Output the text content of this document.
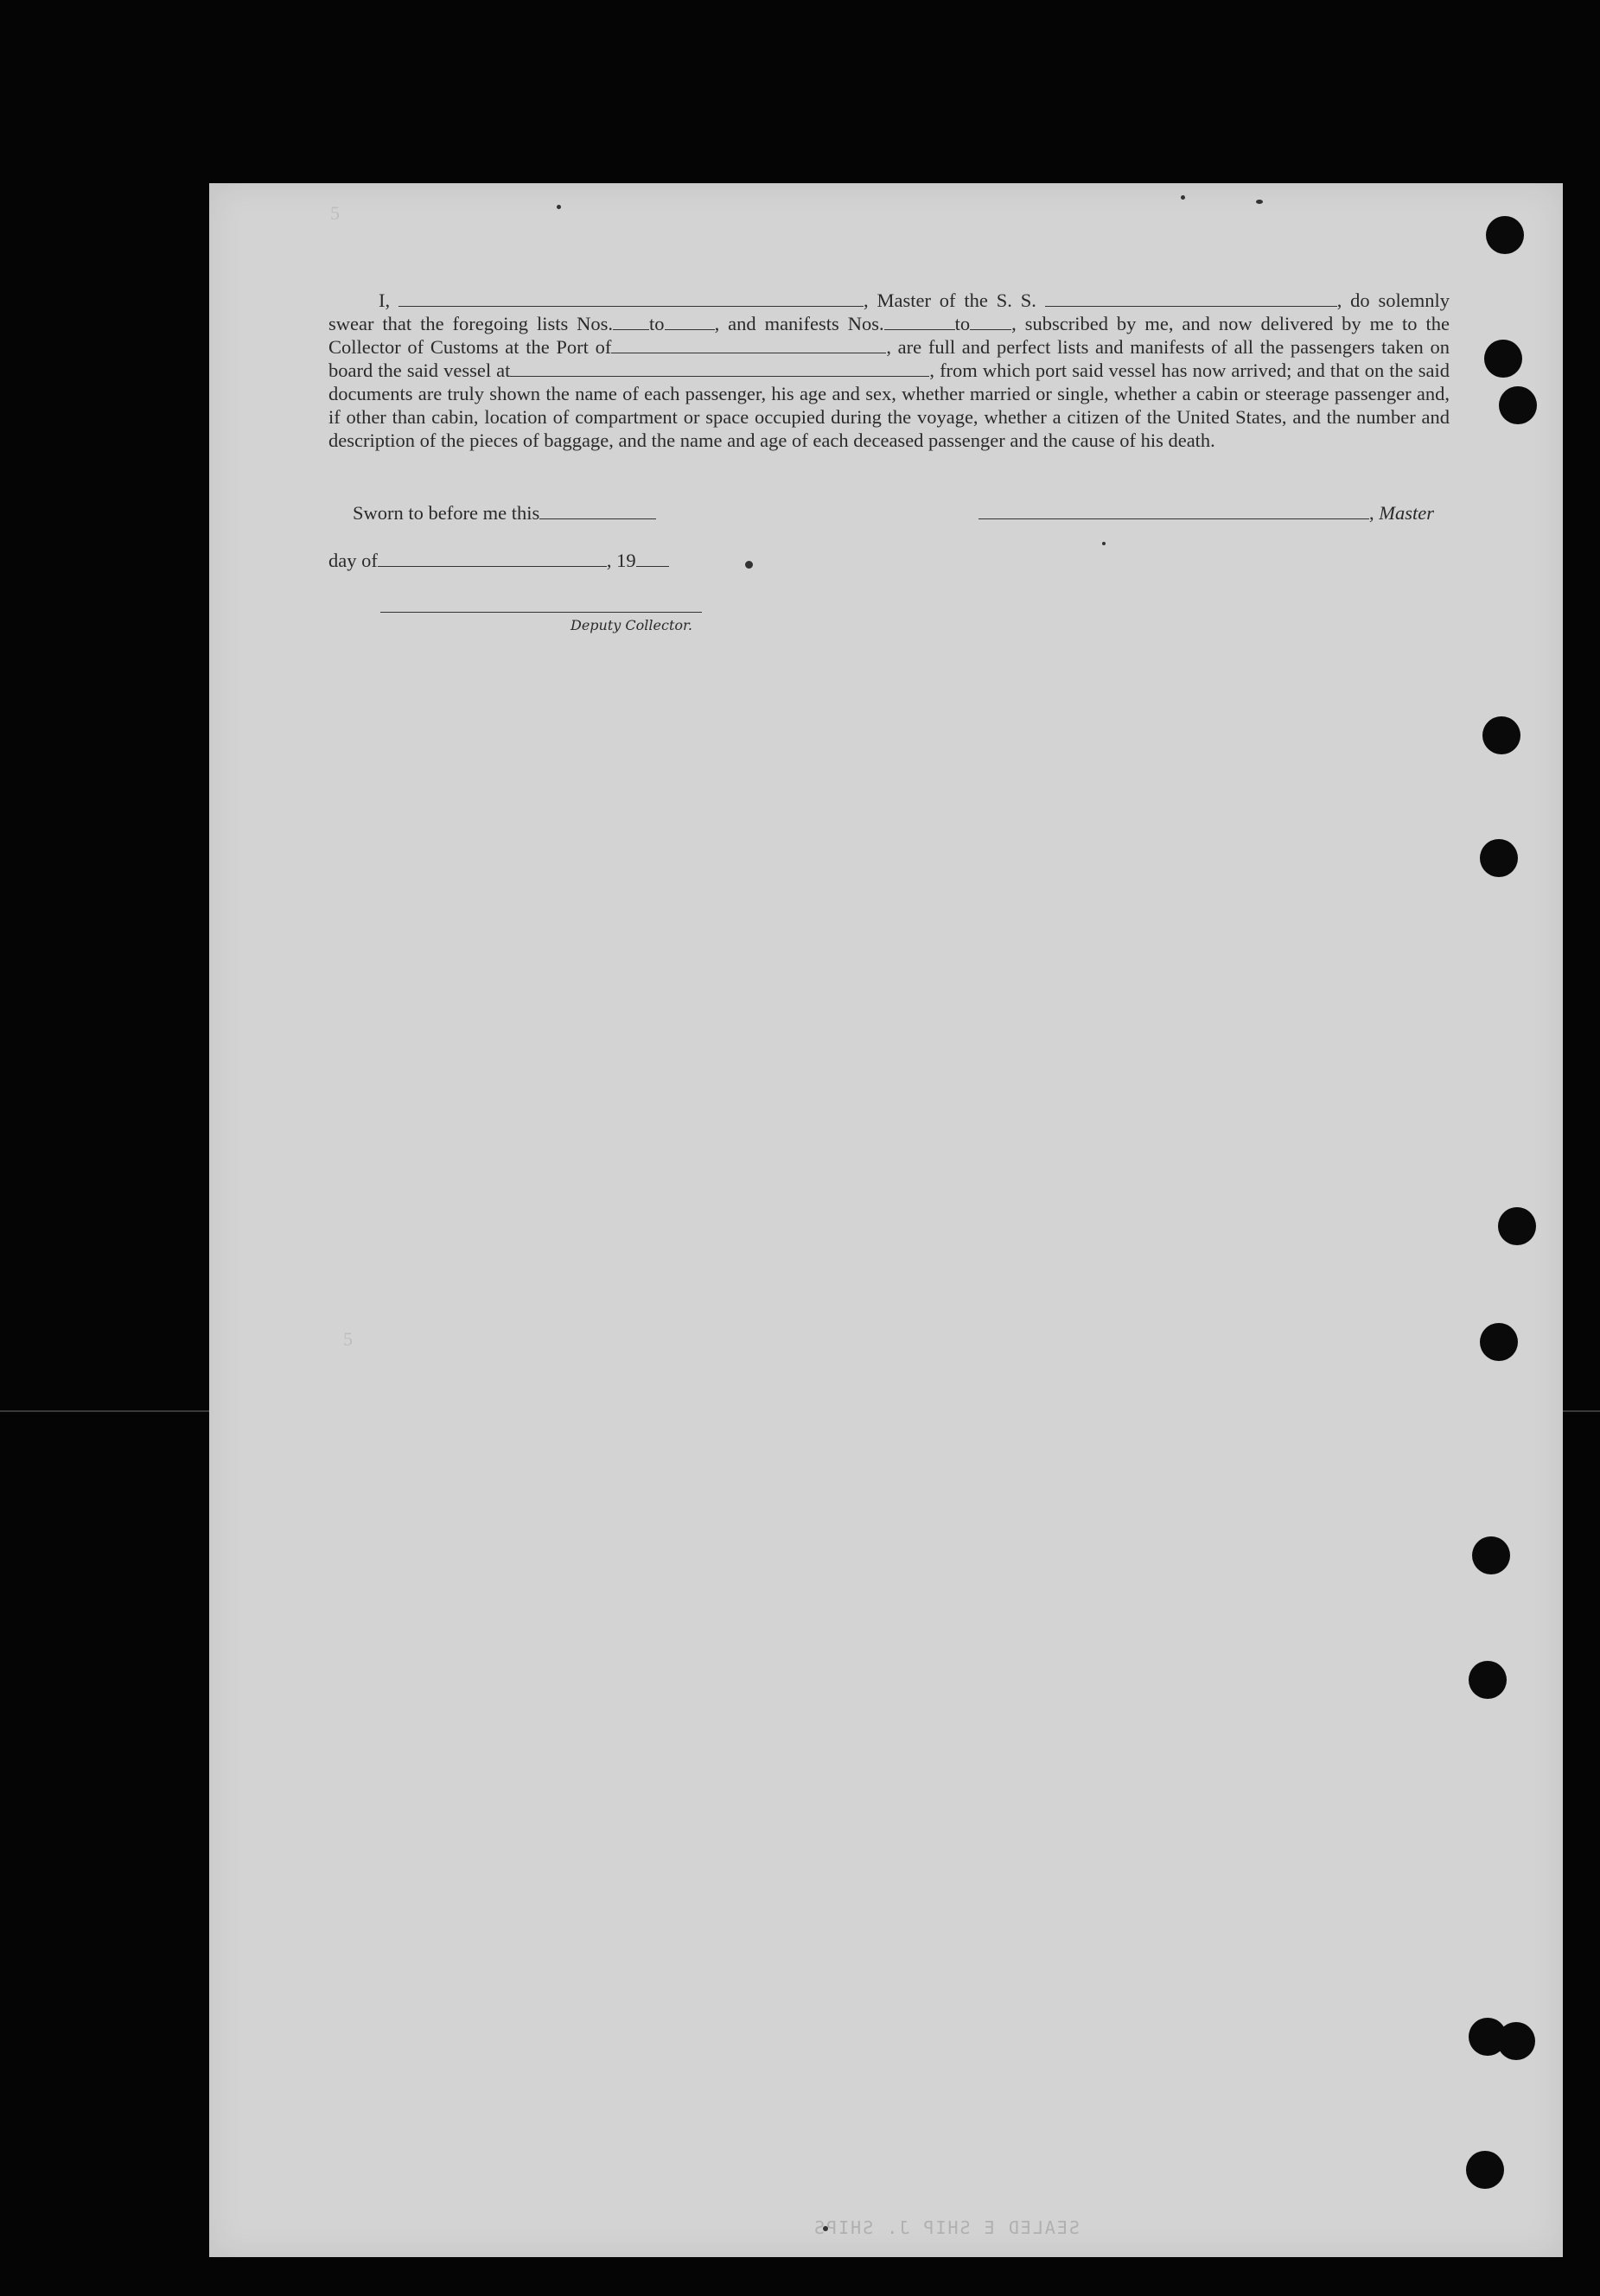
5
5

I,	, Master of the S. S.	, do solemnly swear that the foregoing lists Nos. to	, and manifests Nos.	to , subscribed by me, and now delivered by me to the Collector of Customs at the Port of	, are full and perfect lists and manifests of all the passengers taken on board the said vessel at	, from which port said vessel has now arrived; and that on the said documents are truly shown the name of each passenger, his age and sex, whether married or single, whether a cabin or steerage passenger and, if other than cabin, location of compartment or space occupied during the voyage, whether a citizen of the United States, and the number and description of the pieces of baggage, and the name and age of each deceased passenger and the cause of his death.

Sworn to before me this	, Master
day of	, 19
Deputy Collector.
SEALED E SHIP J. SHIPS
